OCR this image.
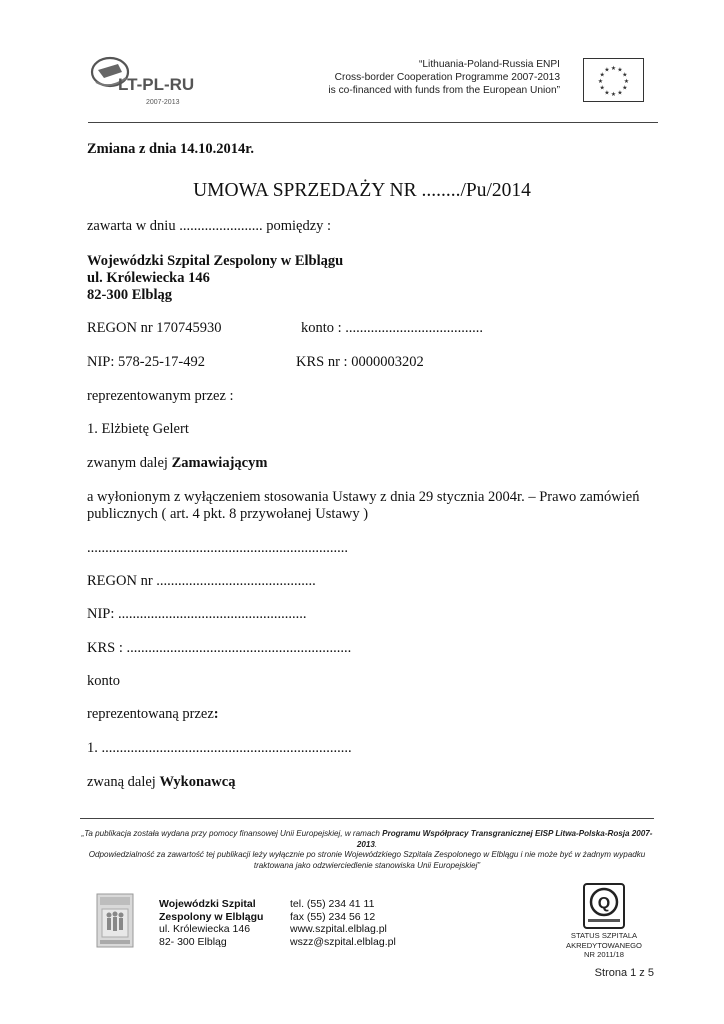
LT-PL-RU
2007-2013
“Lithuania-Poland-Russia ENPI
Cross-border Cooperation Programme 2007-2013
is co-financed with funds from the European Union”
★
★
★
★
★
★
★
★
★ ★ ★
★
Zmiana z dnia 14.10.2014r.
UMOWA SPRZEDAŻY NR ......../Pu/2014
zawarta w dniu ....................... pomiędzy :
Wojewódzki Szpital Zespolony w Elblągu
ul. Królewiecka 146
82-300 Elbląg
REGON nr 170745930	konto : ......................................
NIP: 578-25-17-492	KRS nr : 0000003202
reprezentowanym przez :
1. Elżbietę Gelert
zwanym dalej Zamawiającym
a wyłonionym z wyłączeniem stosowania Ustawy z dnia 29 stycznia 2004r. – Prawo zamówień publicznych ( art. 4 pkt. 8 przywołanej Ustawy )
........................................................................
REGON nr ............................................
NIP: ....................................................
KRS : ..............................................................
konto
reprezentowaną przez:
1. .....................................................................
zwaną dalej Wykonawcą
„Ta publikacja została wydana przy pomocy finansowej Unii Europejskiej, w ramach Programu Współpracy Transgranicznej EISP Litwa-Polska-Rosja 2007-2013.
Odpowiedzialność za zawartość tej publikacji leży wyłącznie po stronie Wojewódzkiego Szpitala Zespolonego w Elblągu i nie może być w żadnym wypadku traktowana jako odzwierciedlenie stanowiska Unii Europejskiej”
Wojewódzki Szpital
Zespolony w Elblągu
ul. Królewiecka 146
82- 300 Elbląg
tel. (55) 234 41 11
fax (55) 234 56 12
www.szpital.elblag.pl
wszz@szpital.elblag.pl
Q
STATUS SZPITALA
AKREDYTOWANEGO
NR 2011/18
Strona 1 z 5
